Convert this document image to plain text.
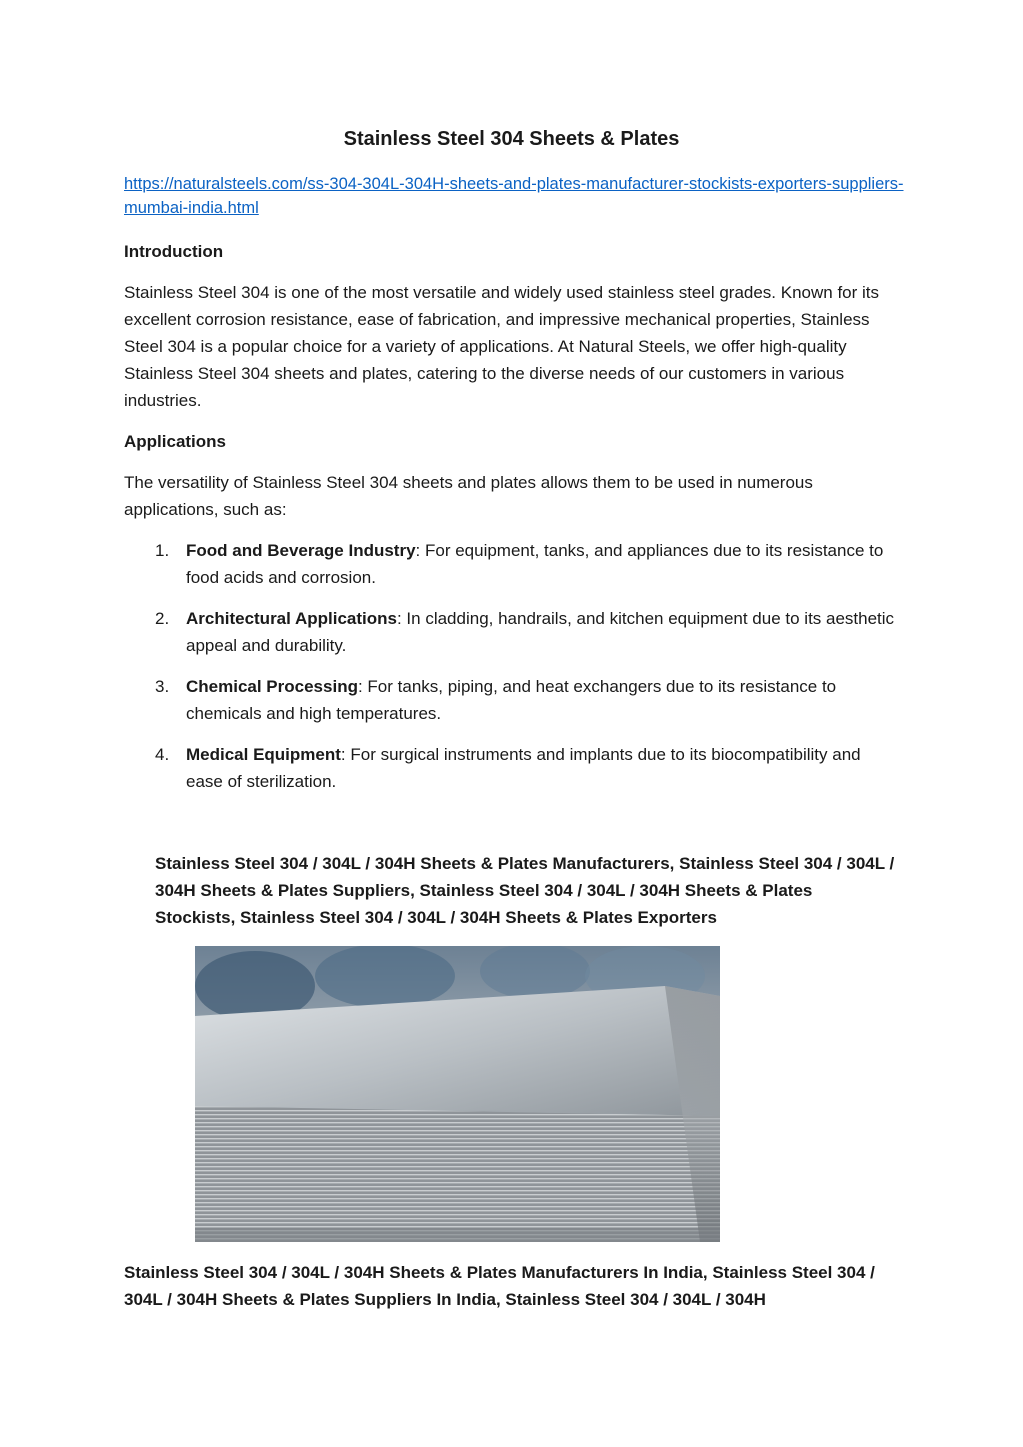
Stainless Steel 304 Sheets & Plates
https://naturalsteels.com/ss-304-304L-304H-sheets-and-plates-manufacturer-stockists-exporters-suppliers-mumbai-india.html
Introduction
Stainless Steel 304 is one of the most versatile and widely used stainless steel grades. Known for its excellent corrosion resistance, ease of fabrication, and impressive mechanical properties, Stainless Steel 304 is a popular choice for a variety of applications. At Natural Steels, we offer high-quality Stainless Steel 304 sheets and plates, catering to the diverse needs of our customers in various industries.
Applications
The versatility of Stainless Steel 304 sheets and plates allows them to be used in numerous applications, such as:
1. Food and Beverage Industry: For equipment, tanks, and appliances due to its resistance to food acids and corrosion.
2. Architectural Applications: In cladding, handrails, and kitchen equipment due to its aesthetic appeal and durability.
3. Chemical Processing: For tanks, piping, and heat exchangers due to its resistance to chemicals and high temperatures.
4. Medical Equipment: For surgical instruments and implants due to its biocompatibility and ease of sterilization.
Stainless Steel 304 / 304L / 304H Sheets & Plates Manufacturers, Stainless Steel 304 / 304L / 304H Sheets & Plates Suppliers, Stainless Steel 304 / 304L / 304H Sheets & Plates Stockists, Stainless Steel 304 / 304L / 304H Sheets & Plates Exporters
Stainless Steel 304 / 304L / 304H Sheets & Plates Manufacturers In India, Stainless Steel 304 / 304L / 304H Sheets & Plates Suppliers In India, Stainless Steel 304 / 304L / 304H
